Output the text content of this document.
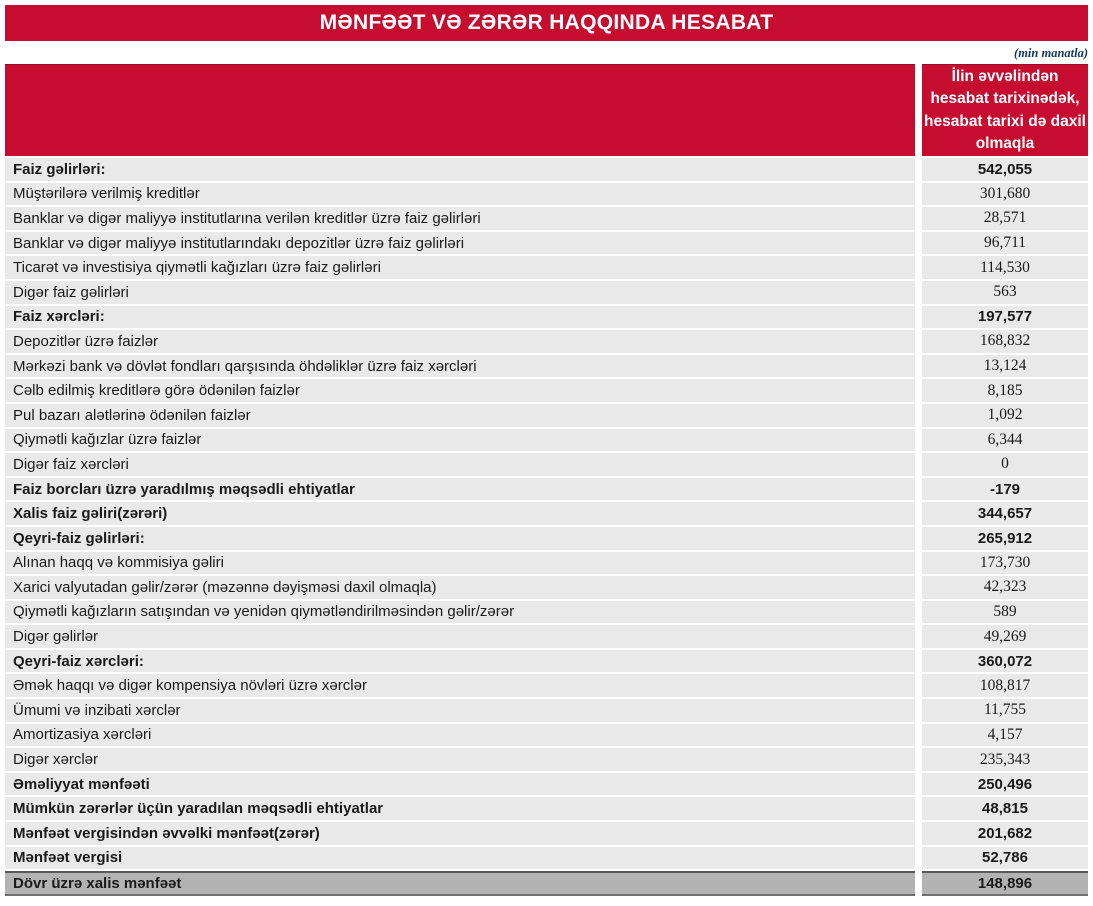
MƏNFƏƏT VƏ ZƏRƏR HAQQINDA HESABAT
(min manatla)
İlin əvvəlindən hesabat tarixinədək, hesabat tarixi də daxil olmaqla
Faiz gəlirləri:	542,055
Müştərilərə verilmiş kreditlər	301,680
Banklar və digər maliyyə institutlarına verilən kreditlər üzrə faiz gəlirləri	28,571
Banklar və digər maliyyə institutlarındakı depozitlər üzrə faiz gəlirləri	96,711
Ticarət və investisiya qiymətli kağızları üzrə faiz gəlirləri	114,530
Digər faiz gəlirləri	563
Faiz xərcləri:	197,577
Depozitlər üzrə faizlər	168,832
Mərkəzi bank və dövlət fondları qarşısında öhdəliklər üzrə faiz xərcləri	13,124
Cəlb edilmiş kreditlərə görə ödənilən faizlər	8,185
Pul bazarı alətlərinə ödənilən faizlər	1,092
Qiymətli kağızlar üzrə faizlər	6,344
Digər faiz xərcləri	0
Faiz borcları üzrə yaradılmış məqsədli ehtiyatlar	-179
Xalis faiz gəliri(zərəri)	344,657
Qeyri-faiz gəlirləri:	265,912
Alınan haqq və kommisiya gəliri	173,730
Xarici valyutadan gəlir/zərər (məzənnə dəyişməsi daxil olmaqla)	42,323
Qiymətli kağızların satışından və yenidən qiymətləndirilməsindən gəlir/zərər	589
Digər gəlirlər	49,269
Qeyri-faiz xərcləri:	360,072
Əmək haqqı və digər kompensiya növləri üzrə xərclər	108,817
Ümumi və inzibati xərclər	11,755
Amortizasiya xərcləri	4,157
Digər xərclər	235,343
Əməliyyat mənfəəti	250,496
Mümkün zərərlər üçün yaradılan məqsədli ehtiyatlar	48,815
Mənfəət vergisindən əvvəlki mənfəət(zərər)	201,682
Mənfəət vergisi	52,786
Dövr üzrə xalis mənfəət	148,896
